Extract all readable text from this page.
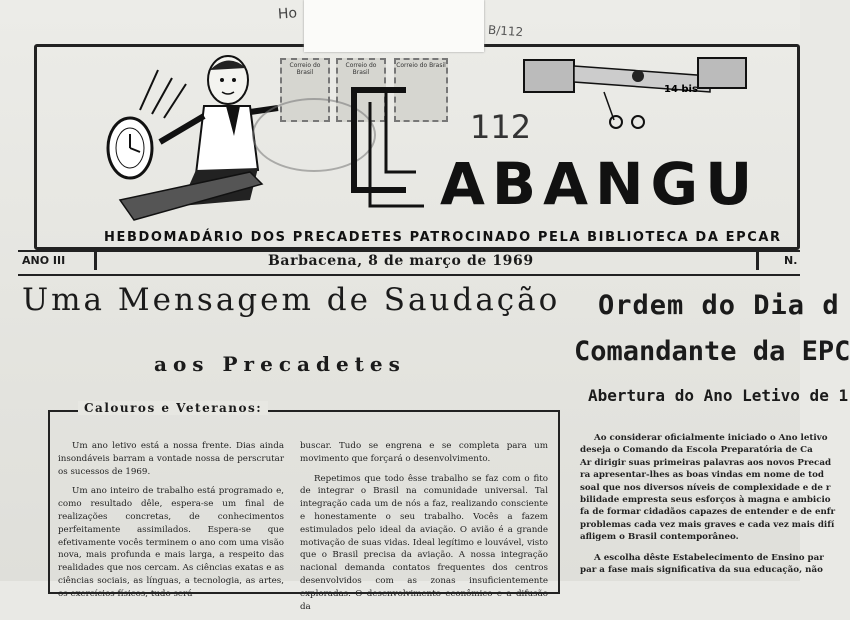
Ho
B/112
Correio do Brasil
Correio do Brasil
Correio do Brasil
112
14 bis
ABANGU
HEBDOMADÁRIO DOS PRECADETES PATROCINADO PELA BIBLIOTECA DA EPCAR
ANO III	Barbacena, 8 de março de 1969	N.
Uma Mensagem de Saudação
aos Precadetes
Calouros e Veteranos:

Um ano letivo está a nossa frente. Dias ainda insondáveis barram a vontade nossa de perscrutar os sucessos de 1969.

Um ano inteiro de trabalho está programado e, como resultado dêle, espera-se um final de realizações concretas, de conhecimentos perfeitamente assimilados. Espera-se que efetivamente vocês terminem o ano com uma visão nova, mais profunda e mais larga, a respeito das realidades que nos cercam. As ciências exatas e as ciências sociais, as línguas, a tecnologia, as artes, os exercícios físicos, tudo será

buscar. Tudo se engrena e se completa para um movimento que forçará o desenvolvimento.

Repetimos que todo êsse trabalho se faz com o fito de integrar o Brasil na comunidade universal. Tal integração cada um de nós a faz, realizando consciente e honestamente o seu trabalho. Vocês a fazem estimulados pelo ideal da aviação. O avião é a grande motivação de suas vidas. Ideal legítimo e louvável, visto que o Brasil precisa da aviação. A nossa integração nacional demanda contatos frequentes dos centros desenvolvidos com as zonas insuficientemente exploradas. O desenvolvimento econômico e a difusão da

Ordem do Dia d
Comandante da EPC
Abertura do Ano Letivo de 1
Ao considerar oficialmente iniciado o Ano letivo
deseja o Comando da Escola Preparatória de Ca
Ar dirigir suas primeiras palavras aos novos Precad
ra apresentar-lhes as boas vindas em nome de tod
soal que nos diversos níveis de complexidade e de r
bilidade empresta seus esforços à magna e ambicio
fa de formar cidadãos capazes de entender e de enfr
problemas cada vez mais graves e cada vez mais difí
afligem o Brasil contemporâneo.
A escolha dêste Estabelecimento de Ensino par
par a fase mais significativa da sua educação, não
